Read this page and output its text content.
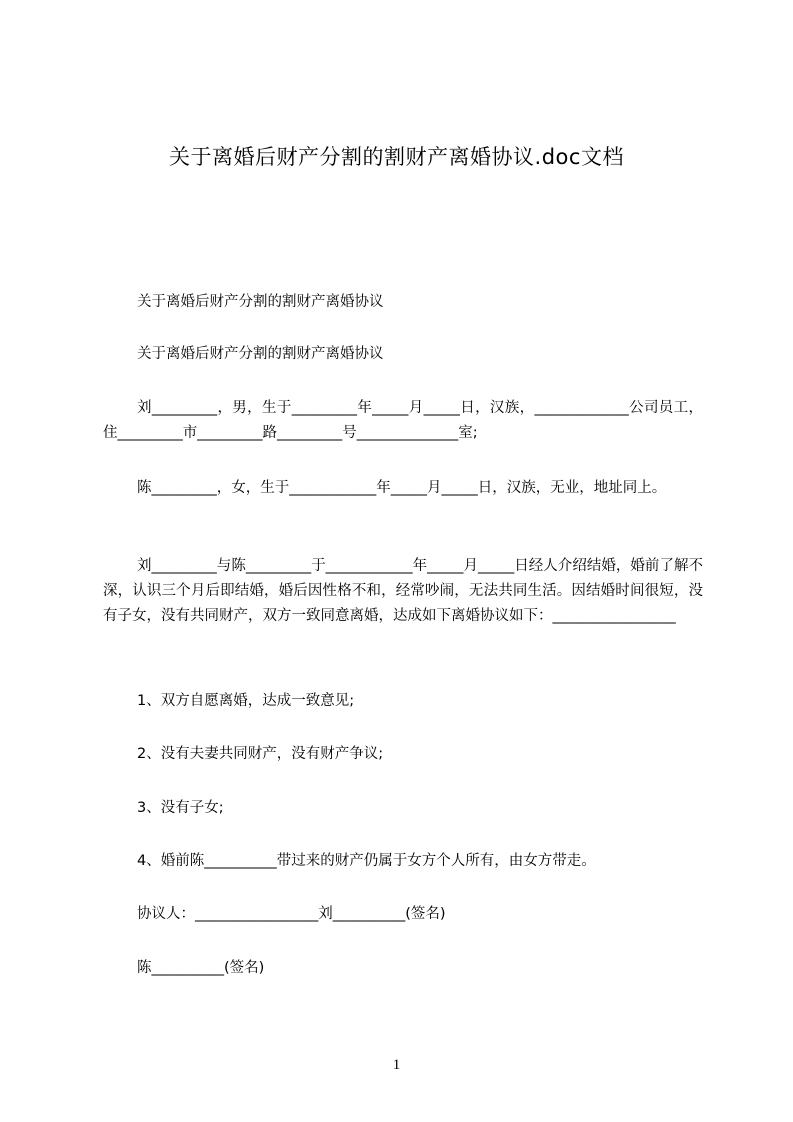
关于离婚后财产分割的割财产离婚协议.doc文档

关于离婚后财产分割的割财产离婚协议

关于离婚后财产分割的割财产离婚协议

刘_________，男，生于_________年_____月_____日，汉族，_____________公司员工，住_________市_________路_________号______________室;

陈_________，女，生于____________年_____月_____日，汉族，无业，地址同上。

刘_________与陈_________于____________年_____月_____日经人介绍结婚，婚前了解不深，认识三个月后即结婚，婚后因性格不和，经常吵闹，无法共同生活。因结婚时间很短，没有子女，没有共同财产，双方一致同意离婚，达成如下离婚协议如下：_________________

1、双方自愿离婚，达成一致意见;

2、没有夫妻共同财产，没有财产争议;

3、没有子女;

4、婚前陈__________带过来的财产仍属于女方个人所有，由女方带走。

协议人：_________________刘__________(签名)

陈__________(签名)

1
